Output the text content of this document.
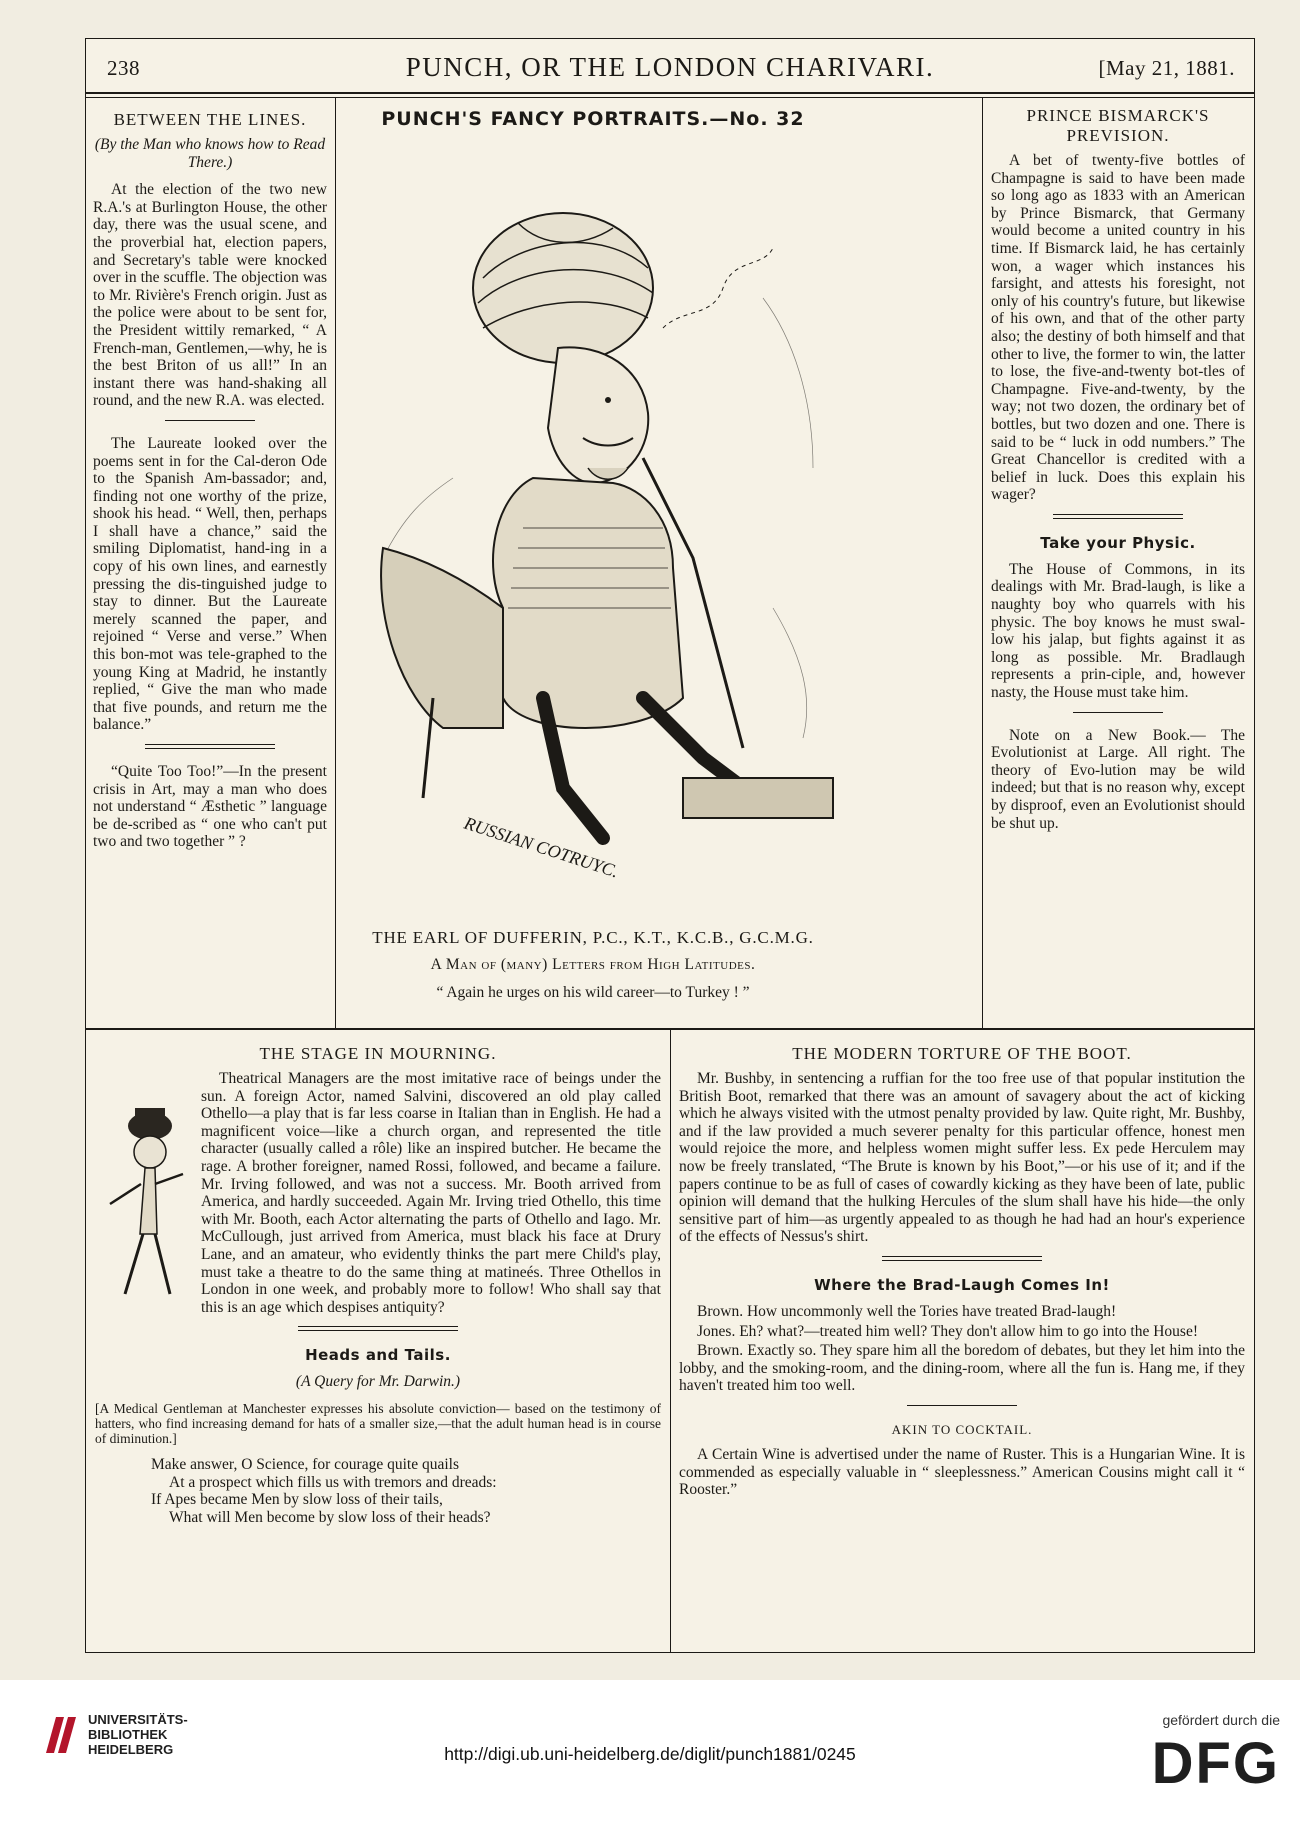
238	PUNCH, OR THE LONDON CHARIVARI.	[May 21, 1881.
BETWEEN THE LINES.
(By the Man who knows how to Read There.)

At the election of the two new R.A.'s at Burlington House, the other day, there was the usual scene, and the proverbial hat, election papers, and Secretary's table were knocked over in the scuffle. The objection was to Mr. Rivière's French origin. Just as the police were about to be sent for, the President wittily remarked, “ A French-man, Gentlemen,—why, he is the best Briton of us all!” In an instant there was hand-shaking all round, and the new R.A. was elected.

The Laureate looked over the poems sent in for the Cal-deron Ode to the Spanish Am-bassador; and, finding not one worthy of the prize, shook his head. “ Well, then, perhaps I shall have a chance,” said the smiling Diplomatist, hand-ing in a copy of his own lines, and earnestly pressing the dis-tinguished judge to stay to dinner. But the Laureate merely scanned the paper, and rejoined “ Verse and verse.” When this bon-mot was tele-graphed to the young King at Madrid, he instantly replied, “ Give the man who made that five pounds, and return me the balance.”

“Quite Too Too!”—In the present crisis in Art, may a man who does not understand “ Æsthetic ” language be de-scribed as “ one who can't put two and two together ” ?

PUNCH'S FANCY PORTRAITS.—No. 32
RUSSIAN COTRUYC.
THE EARL OF DUFFERIN, P.C., K.T., K.C.B., G.C.M.G.
A Man of (many) Letters from High Latitudes.
“ Again he urges on his wild career—to Turkey ! ”
PRINCE BISMARCK'S PREVISION.

A bet of twenty-five bottles of Champagne is said to have been made so long ago as 1833 with an American by Prince Bismarck, that Germany would become a united country in his time. If Bismarck laid, he has certainly won, a wager which instances his farsight, and attests his foresight, not only of his country's future, but likewise of his own, and that of the other party also; the destiny of both himself and that other to live, the former to win, the latter to lose, the five-and-twenty bot-tles of Champagne. Five-and-twenty, by the way; not two dozen, the ordinary bet of bottles, but two dozen and one. There is said to be “ luck in odd numbers.” The Great Chancellor is credited with a belief in luck. Does this explain his wager?

Take your Physic.

The House of Commons, in its dealings with Mr. Brad-laugh, is like a naughty boy who quarrels with his physic. The boy knows he must swal-low his jalap, but fights against it as long as possible. Mr. Bradlaugh represents a prin-ciple, and, however nasty, the House must take him.

Note on a New Book.— The Evolutionist at Large. All right. The theory of Evo-lution may be wild indeed; but that is no reason why, except by disproof, even an Evolutionist should be shut up.

THE STAGE IN MOURNING.

Theatrical Managers are the most imitative race of beings under the sun. A foreign Actor, named Salvini, discovered an old play called Othello—a play that is far less coarse in Italian than in English. He had a magnificent voice—like a church organ, and represented the title character (usually called a rôle) like an inspired butcher. He became the rage. A brother foreigner, named Rossi, followed, and became a failure. Mr. Irving followed, and was not a success. Mr. Booth arrived from America, and hardly succeeded. Again Mr. Irving tried Othello, this time with Mr. Booth, each Actor alternating the parts of Othello and Iago. Mr. McCullough, just arrived from America, must black his face at Drury Lane, and an amateur, who evidently thinks the part mere Child's play, must take a theatre to do the same thing at matineés. Three Othellos in London in one week, and probably more to follow! Who shall say that this is an age which despises antiquity?

Heads and Tails.
(A Query for Mr. Darwin.)

[A Medical Gentleman at Manchester expresses his absolute conviction— based on the testimony of hatters, who find increasing demand for hats of a smaller size,—that the adult human head is in course of diminution.]

Make answer, O Science, for courage quite quails
At a prospect which fills us with tremors and dreads:
If Apes became Men by slow loss of their tails,
What will Men become by slow loss of their heads?

THE MODERN TORTURE OF THE BOOT.

Mr. Bushby, in sentencing a ruffian for the too free use of that popular institution the British Boot, remarked that there was an amount of savagery about the act of kicking which he always visited with the utmost penalty provided by law. Quite right, Mr. Bushby, and if the law provided a much severer penalty for this particular offence, honest men would rejoice the more, and helpless women might suffer less. Ex pede Herculem may now be freely translated, “The Brute is known by his Boot,”—or his use of it; and if the papers continue to be as full of cases of cowardly kicking as they have been of late, public opinion will demand that the hulking Hercules of the slum shall have his hide—the only sensitive part of him—as urgently appealed to as though he had had an hour's experience of the effects of Nessus's shirt.

Where the Brad-Laugh Comes In!

Brown. How uncommonly well the Tories have treated Brad-laugh!

Jones. Eh? what?—treated him well? They don't allow him to go into the House!

Brown. Exactly so. They spare him all the boredom of debates, but they let him into the lobby, and the smoking-room, and the dining-room, where all the fun is. Hang me, if they haven't treated him too well.

AKIN TO COCKTAIL.

A Certain Wine is advertised under the name of Ruster. This is a Hungarian Wine. It is commended as especially valuable in “ sleeplessness.” American Cousins might call it “ Rooster.”

UNIVERSITÄTS-
BIBLIOTHEK
HEIDELBERG	http://digi.ub.uni-heidelberg.de/diglit/punch1881/0245
gefördert durch die
DFG
